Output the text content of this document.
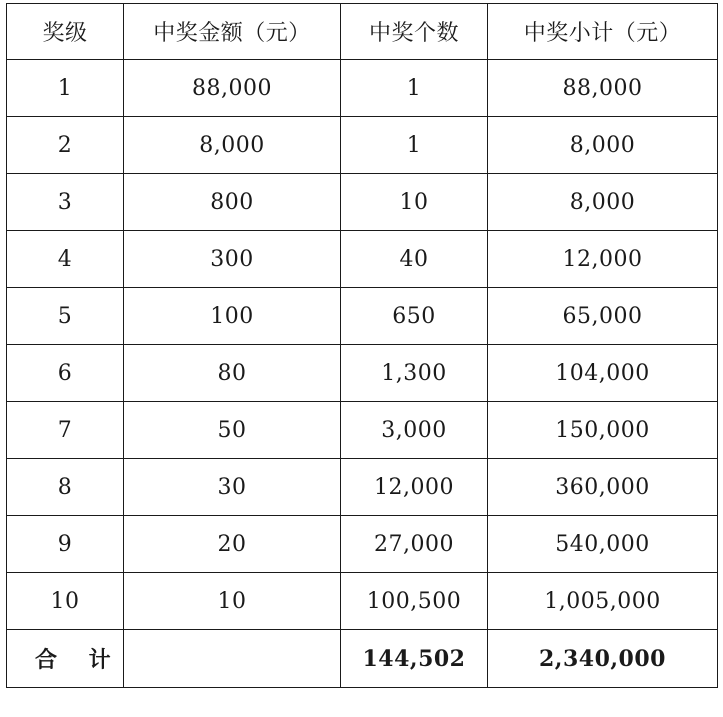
奖级	中奖金额（元）	中奖个数	中奖小计（元）
1	88,000	1	88,000
2	8,000	1	8,000
3	800	10	8,000
4	300	40	12,000
5	100	650	65,000
6	80	1,300	104,000
7	50	3,000	150,000
8	30	12,000	360,000
9	20	27,000	540,000
10	10	100,500	1,005,000
合 计		144,502	2,340,000
